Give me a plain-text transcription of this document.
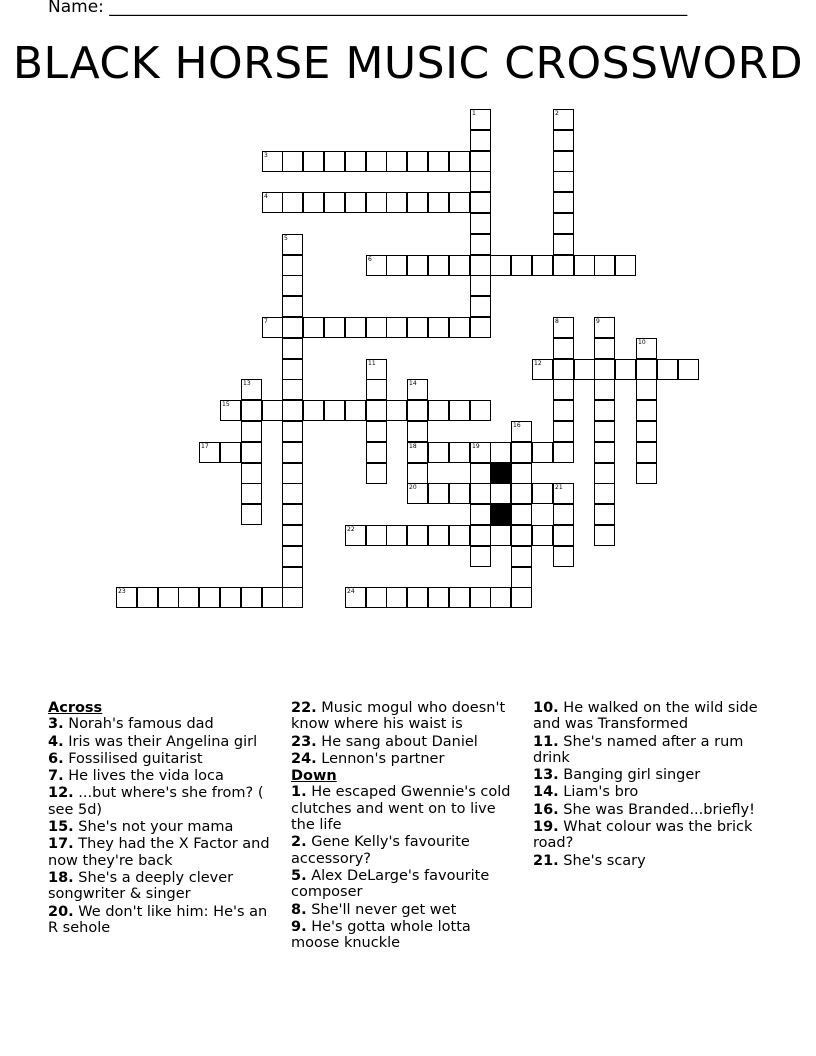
Name: ____________________________________________________________________
BLACK HORSE MUSIC CROSSWORD
1	2
3
4
5
6
7	8	9
10
11	12
13	14
18
15
16
17	19
20	21
22
23	24
Across
3. Norah's famous dad
4. Iris was their Angelina girl
6. Fossilised guitarist
7. He lives the vida loca
12. ...but where's she from? ( see 5d)
15. She's not your mama
17. They had the X Factor and now they're back
18. She's a deeply clever songwriter & singer
20. We don't like him: He's an R sehole
22. Music mogul who doesn't know where his waist is
23. He sang about Daniel
24. Lennon's partner
Down
1. He escaped Gwennie's cold clutches and went on to live the life
2. Gene Kelly's favourite accessory?
5. Alex DeLarge's favourite composer
8. She'll never get wet
9. He's gotta whole lotta moose knuckle
10. He walked on the wild side and was Transformed
11. She's named after a rum drink
13. Banging girl singer
14. Liam's bro
16. She was Branded...briefly!
19. What colour was the brick road?
21. She's scary
